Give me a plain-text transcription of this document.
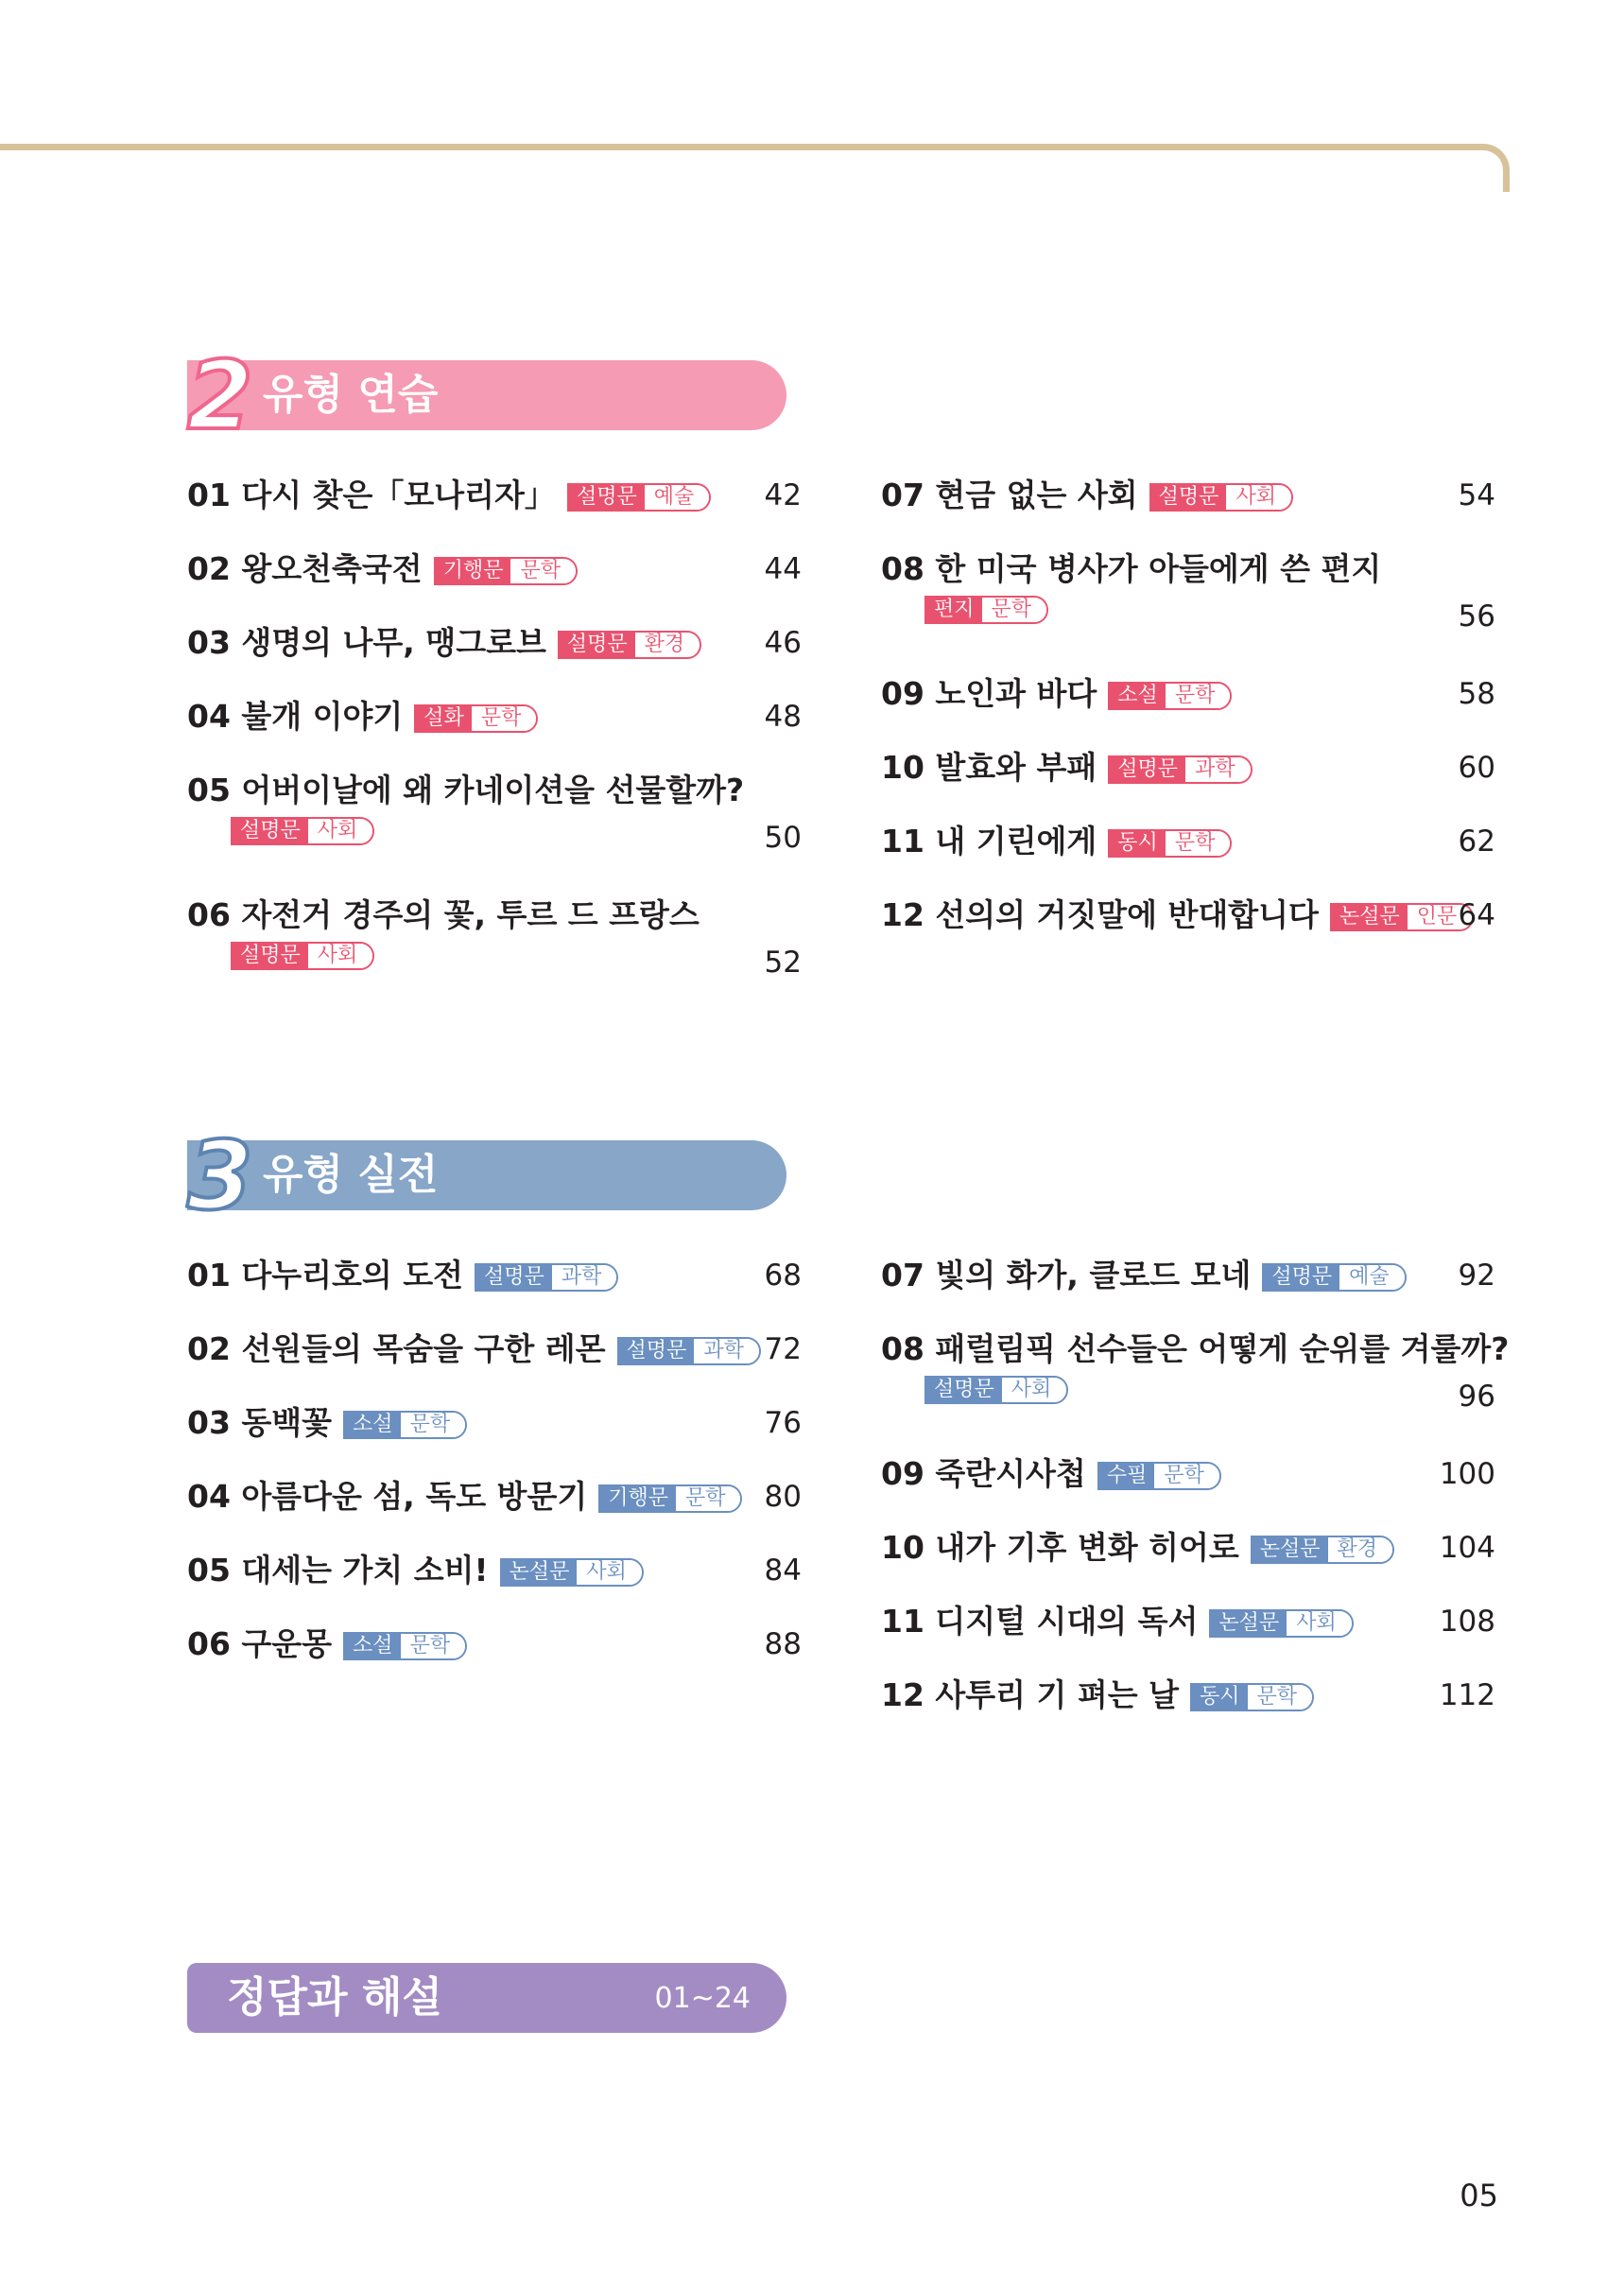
2 유형 연습
01 다시 찾은「모나리자」	설명문 예술	42
02 왕오천축국전	기행문 문학	44
03 생명의 나무, 맹그로브	설명문 환경	46
04 불개 이야기	설화 문학	48
05 어버이날에 왜 카네이션을 선물할까?
설명문 사회	50
06 자전거 경주의 꽃, 투르 드 프랑스
설명문 사회	52
07 현금 없는 사회	설명문 사회	54
08 한 미국 병사가 아들에게 쓴 편지
편지 문학	56
09 노인과 바다	소설 문학	58
10 발효와 부패	설명문 과학	60
11 내 기린에게	동시 문학	62
12 선의의 거짓말에 반대합니다	논설문 인문 64
3 유형 실전
01 다누리호의 도전	설명문 과학	68
02 선원들의 목숨을 구한 레몬	설명문 과학 72
03 동백꽃	소설 문학	76
04 아름다운 섬, 독도 방문기	기행문 문학	80
05 대세는 가치 소비!	논설문 사회	84
06 구운몽	소설 문학	88
07 빛의 화가, 클로드 모네	설명문 예술	92
08 패럴림픽 선수들은 어떻게 순위를 겨룰까?
설명문 사회	96
09 죽란시사첩	수필 문학	100
10 내가 기후 변화 히어로	논설문 환경	104
11 디지털 시대의 독서	논설문 사회	108
12 사투리 기 펴는 날	동시 문학	112
정답과 해설	01~24
05
